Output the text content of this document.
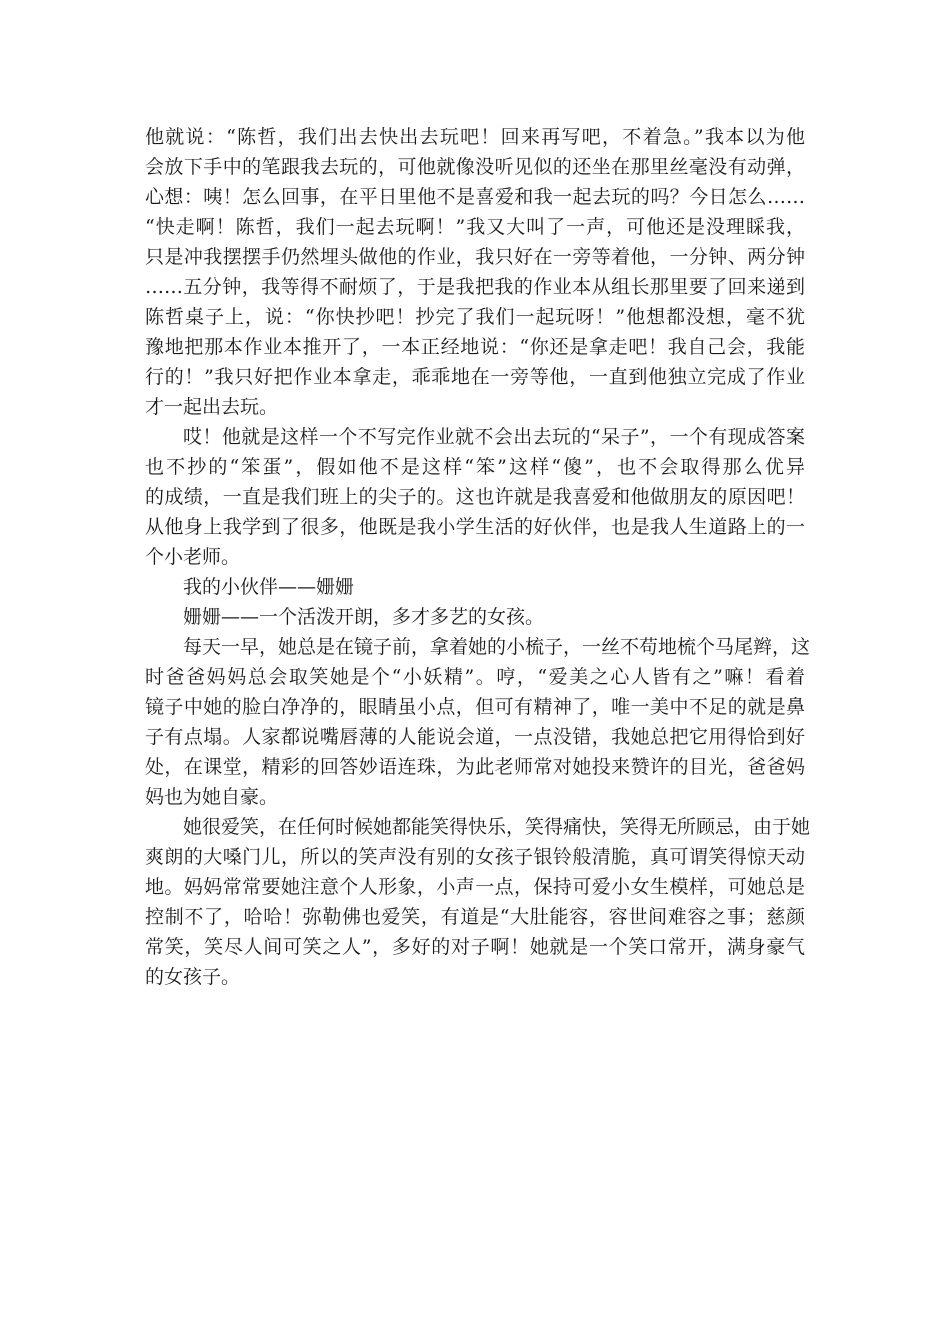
他就说：“陈哲，我们出去快出去玩吧！回来再写吧，不着急。”我本以为他
会放下手中的笔跟我去玩的，可他就像没听见似的还坐在那里丝毫没有动弹，
心想：咦！怎么回事，在平日里他不是喜爱和我一起去玩的吗？今日怎么……
“快走啊！陈哲，我们一起去玩啊！”我又大叫了一声，可他还是没理睬我，
只是冲我摆摆手仍然埋头做他的作业，我只好在一旁等着他，一分钟、两分钟
……五分钟，我等得不耐烦了，于是我把我的作业本从组长那里要了回来递到
陈哲桌子上，说：“你快抄吧！抄完了我们一起玩呀！”他想都没想，毫不犹
豫地把那本作业本推开了，一本正经地说：“你还是拿走吧！我自己会，我能
行的！”我只好把作业本拿走，乖乖地在一旁等他，一直到他独立完成了作业
才一起出去玩。

哎！他就是这样一个不写完作业就不会出去玩的“呆子”，一个有现成答案
也不抄的“笨蛋”，假如他不是这样“笨”这样“傻”，也不会取得那么优异
的成绩，一直是我们班上的尖子的。这也许就是我喜爱和他做朋友的原因吧！
从他身上我学到了很多，他既是我小学生活的好伙伴，也是我人生道路上的一
个小老师。

我的小伙伴——姗姗

姗姗——一个活泼开朗，多才多艺的女孩。

每天一早，她总是在镜子前，拿着她的小梳子，一丝不苟地梳个马尾辫，这
时爸爸妈妈总会取笑她是个“小妖精”。哼，“爱美之心人皆有之”嘛！看着
镜子中她的脸白净净的，眼睛虽小点，但可有精神了，唯一美中不足的就是鼻
子有点塌。人家都说嘴唇薄的人能说会道，一点没错，我她总把它用得恰到好
处，在课堂，精彩的回答妙语连珠，为此老师常对她投来赞许的目光，爸爸妈
妈也为她自豪。

她很爱笑，在任何时候她都能笑得快乐，笑得痛快，笑得无所顾忌，由于她
爽朗的大嗓门儿，所以的笑声没有别的女孩子银铃般清脆，真可谓笑得惊天动
地。妈妈常常要她注意个人形象，小声一点，保持可爱小女生模样，可她总是
控制不了，哈哈！弥勒佛也爱笑，有道是“大肚能容，容世间难容之事；慈颜
常笑，笑尽人间可笑之人”，多好的对子啊！她就是一个笑口常开，满身豪气
的女孩子。
